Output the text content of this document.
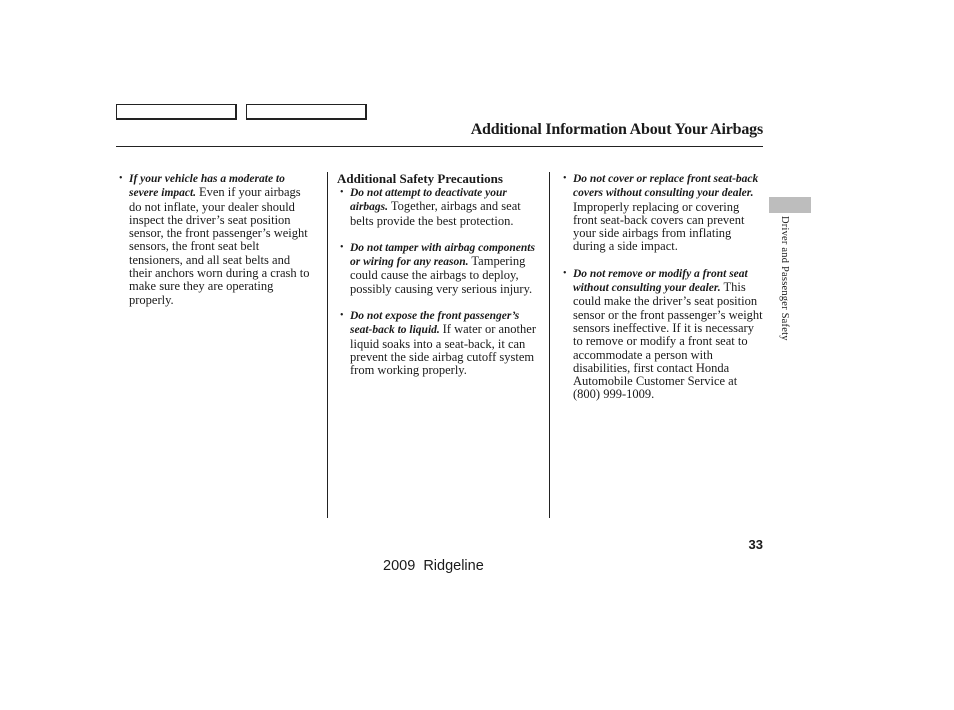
Additional Information About Your Airbags
• If your vehicle has a moderate to severe impact. Even if your airbags do not inflate, your dealer should inspect the driver’s seat position sensor, the front passenger’s weight sensors, the front seat belt tensioners, and all seat belts and their anchors worn during a crash to make sure they are operating properly.
Additional Safety Precautions
• Do not attempt to deactivate your airbags. Together, airbags and seat belts provide the best protection.
• Do not tamper with airbag components or wiring for any reason. Tampering could cause the airbags to deploy, possibly causing very serious injury.
• Do not expose the front passenger’s seat-back to liquid. If water or another liquid soaks into a seat-back, it can prevent the side airbag cutoff system from working properly.
• Do not cover or replace front seat-back covers without consulting your dealer. Improperly replacing or covering front seat-back covers can prevent your side airbags from inflating during a side impact.
• Do not remove or modify a front seat without consulting your dealer. This could make the driver’s seat position sensor or the front passenger’s weight sensors ineffective. If it is necessary to remove or modify a front seat to accommodate a person with disabilities, first contact Honda Automobile Customer Service at (800) 999-1009.
Driver and Passenger Safety
33
2009  Ridgeline
